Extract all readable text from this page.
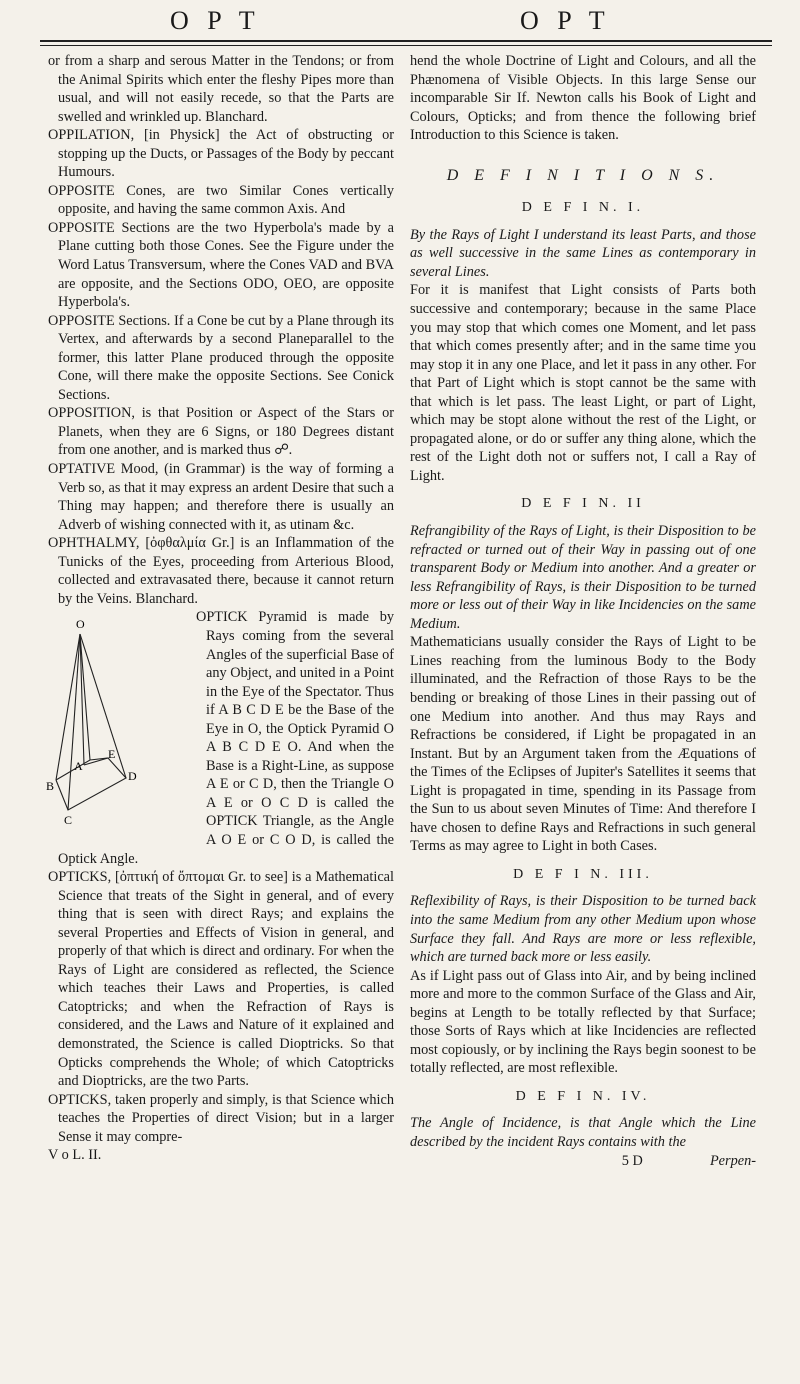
O P T	O P T

or from a sharp and serous Matter in the Tendons; or from the Animal Spirits which enter the fleshy Pipes more than usual, and will not easily recede, so that the Parts are swelled and wrinkled up. Blanchard.

OPPILATION, [in Physick] the Act of obstructing or stopping up the Ducts, or Passages of the Body by peccant Humours.

OPPOSITE Cones, are two Similar Cones vertically opposite, and having the same common Axis. And

OPPOSITE Sections are the two Hyperbola's made by a Plane cutting both those Cones. See the Figure under the Word Latus Transversum, where the Cones VAD and BVA are opposite, and the Sections ODO, OEO, are opposite Hyperbola's.

OPPOSITE Sections. If a Cone be cut by a Plane through its Vertex, and afterwards by a second Planeparallel to the former, this latter Plane produced through the opposite Cone, will there make the opposite Sections. See Conick Sections.

OPPOSITION, is that Position or Aspect of the Stars or Planets, when they are 6 Signs, or 180 Degrees distant from one another, and is marked thus ☍.

OPTATIVE Mood, (in Grammar) is the way of forming a Verb so, as that it may express an ardent Desire that such a Thing may happen; and therefore there is usually an Adverb of wishing connected with it, as utinam &c.

OPHTHALMY, [ὀφθαλμία Gr.] is an Inflammation of the Tunicks of the Eyes, proceeding from Arterious Blood, collected and extravasated there, because it cannot return by the Veins. Blanchard.

O
A
E
B
D
C

OPTICK Pyramid is made by Rays coming from the several Angles of the superficial Base of any Object, and united in a Point in the Eye of the Spectator. Thus if A B C D E be the Base of the Eye in O, the Optick Pyramid O A B C D E O. And when the Base is a Right-Line, as suppose A E or C D, then the Triangle O A E or O C D is called the OPTICK Triangle, as the Angle A O E or C O D, is called the Optick Angle.

OPTICKS, [ὀπτική of ὄπτομαι Gr. to see] is a Mathematical Science that treats of the Sight in general, and of every thing that is seen with direct Rays; and explains the several Properties and Effects of Vision in general, and properly of that which is direct and ordinary. For when the Rays of Light are considered as reflected, the Science which teaches their Laws and Properties, is called Catoptricks; and when the Refraction of Rays is considered, and the Laws and Nature of it explained and demonstrated, the Science is called Dioptricks. So that Opticks comprehends the Whole; of which Catoptricks and Dioptricks, are the two Parts.

OPTICKS, taken properly and simply, is that Science which teaches the Properties of direct Vision; but in a larger Sense it may compre-

V o L. II.

hend the whole Doctrine of Light and Colours, and all the Phænomena of Visible Objects. In this large Sense our incomparable Sir If. Newton calls his Book of Light and Colours, Opticks; and from thence the following brief Introduction to this Science is taken.

D E F I N I T I O N S.

D E F I N. I.

By the Rays of Light I understand its least Parts, and those as well successive in the same Lines as contemporary in several Lines.

For it is manifest that Light consists of Parts both successive and contemporary; because in the same Place you may stop that which comes one Moment, and let pass that which comes presently after; and in the same time you may stop it in any one Place, and let it pass in any other. For that Part of Light which is stopt cannot be the same with that which is let pass. The least Light, or part of Light, which may be stopt alone without the rest of the Light, or propagated alone, or do or suffer any thing alone, which the rest of the Light doth not or suffers not, I call a Ray of Light.

D E F I N. II

Refrangibility of the Rays of Light, is their Disposition to be refracted or turned out of their Way in passing out of one transparent Body or Medium into another. And a greater or less Refrangibility of Rays, is their Disposition to be turned more or less out of their Way in like Incidencies on the same Medium.

Mathematicians usually consider the Rays of Light to be Lines reaching from the luminous Body to the Body illuminated, and the Refraction of those Rays to be the bending or breaking of those Lines in their passing out of one Medium into another. And thus may Rays and Refractions be considered, if Light be propagated in an Instant. But by an Argument taken from the Æquations of the Times of the Eclipses of Jupiter's Satellites it seems that Light is propagated in time, spending in its Passage from the Sun to us about seven Minutes of Time: And therefore I have chosen to define Rays and Refractions in such general Terms as may agree to Light in both Cases.

D E F I N. III.

Reflexibility of Rays, is their Disposition to be turned back into the same Medium from any other Medium upon whose Surface they fall. And Rays are more or less reflexible, which are turned back more or less easily.

As if Light pass out of Glass into Air, and by being inclined more and more to the common Surface of the Glass and Air, begins at Length to be totally reflected by that Surface; those Sorts of Rays which at like Incidencies are reflected most copiously, or by inclining the Rays begin soonest to be totally reflected, are most reflexible.

D E F I N. IV.

The Angle of Incidence, is that Angle which the Line described by the incident Rays contains with the

5 D	Perpen-
